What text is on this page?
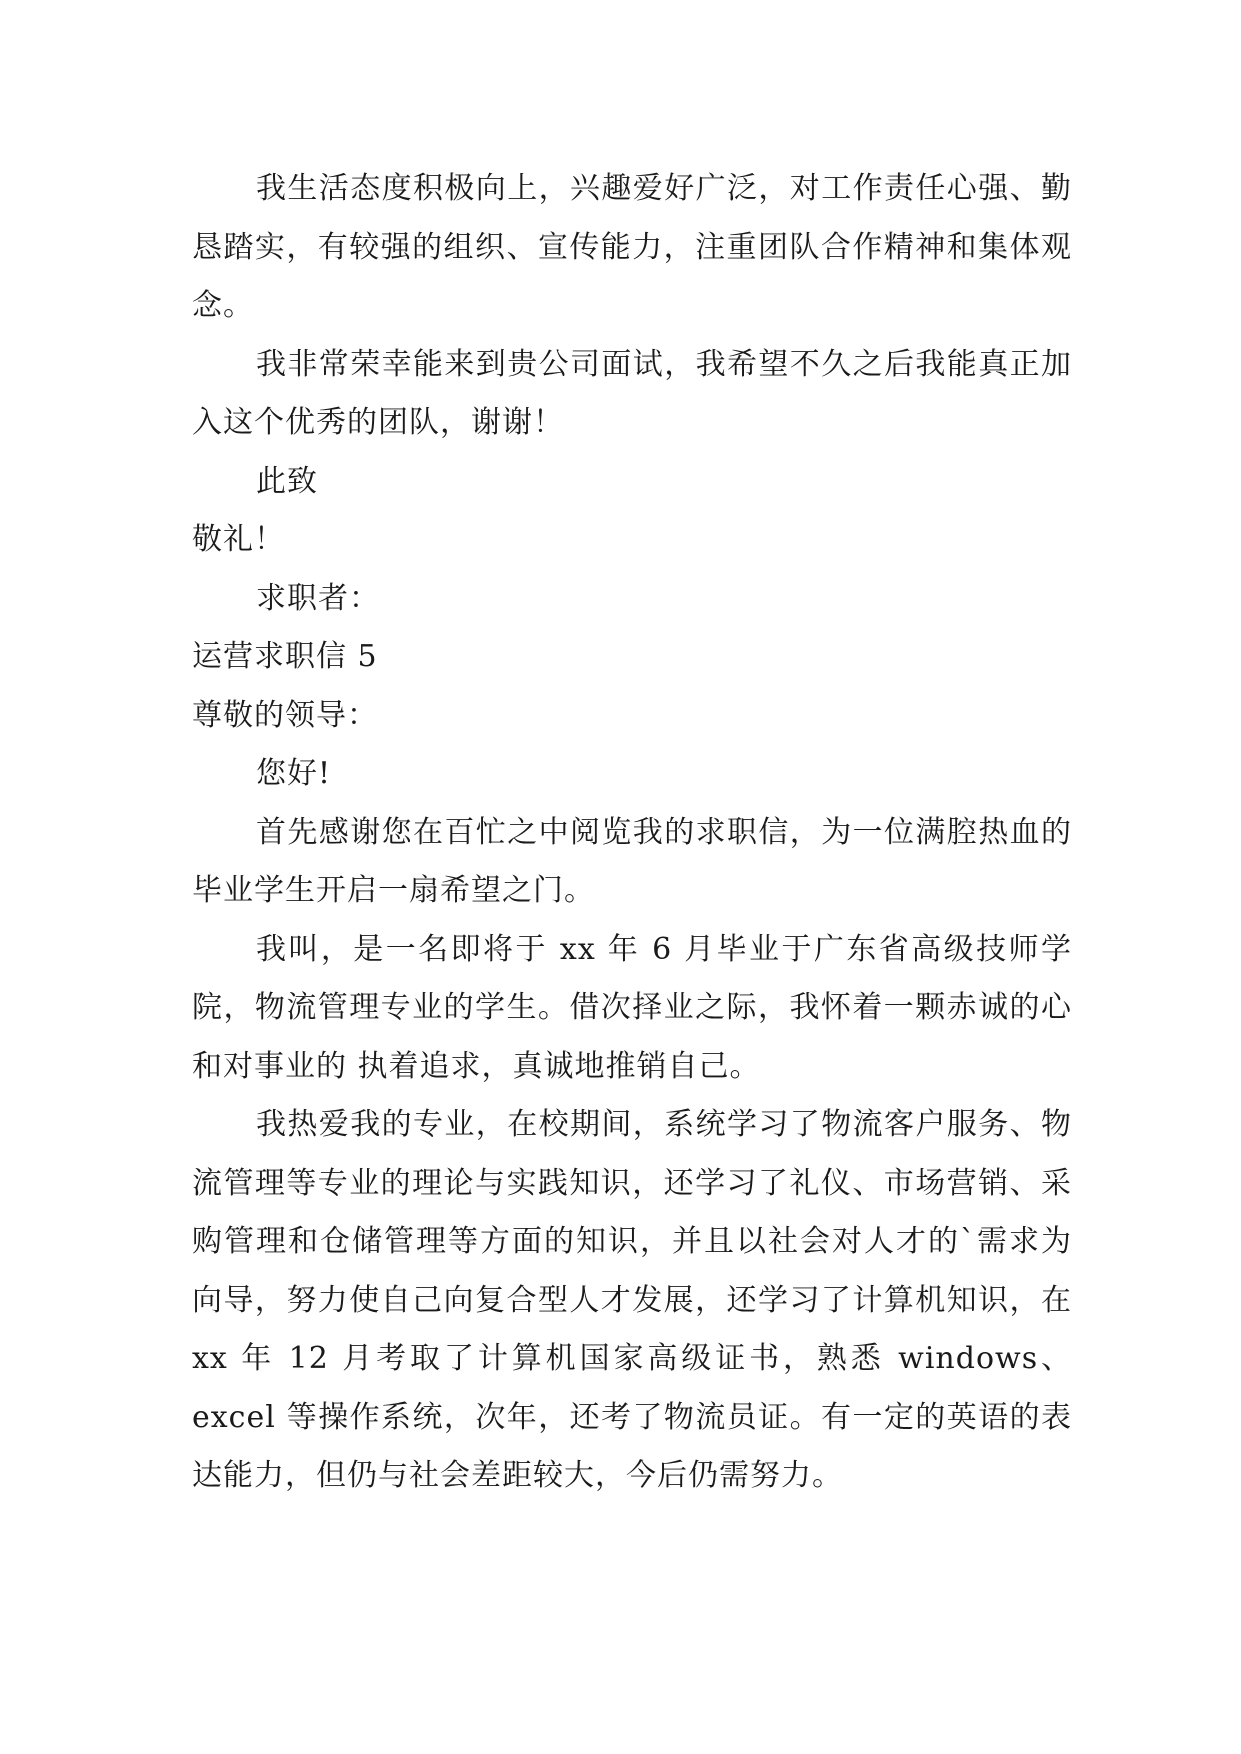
我生活态度积极向上，兴趣爱好广泛，对工作责任心强、勤恳踏实，有较强的组织、宣传能力，注重团队合作精神和集体观念。

我非常荣幸能来到贵公司面试，我希望不久之后我能真正加入这个优秀的团队，谢谢！

此致

敬礼！

求职者：

运营求职信 5

尊敬的领导：

您好!

首先感谢您在百忙之中阅览我的求职信，为一位满腔热血的毕业学生开启一扇希望之门。

我叫，是一名即将于 xx 年 6 月毕业于广东省高级技师学院，物流管理专业的学生。借次择业之际，我怀着一颗赤诚的心和对事业的 执着追求，真诚地推销自己。

我热爱我的专业，在校期间，系统学习了物流客户服务、物流管理等专业的理论与实践知识，还学习了礼仪、市场营销、采购管理和仓储管理等方面的知识，并且以社会对人才的`需求为向导，努力使自己向复合型人才发展，还学习了计算机知识，在 xx 年 12 月考取了计算机国家高级证书，熟悉 windows、excel 等操作系统，次年，还考了物流员证。有一定的英语的表达能力，但仍与社会差距较大，今后仍需努力。
